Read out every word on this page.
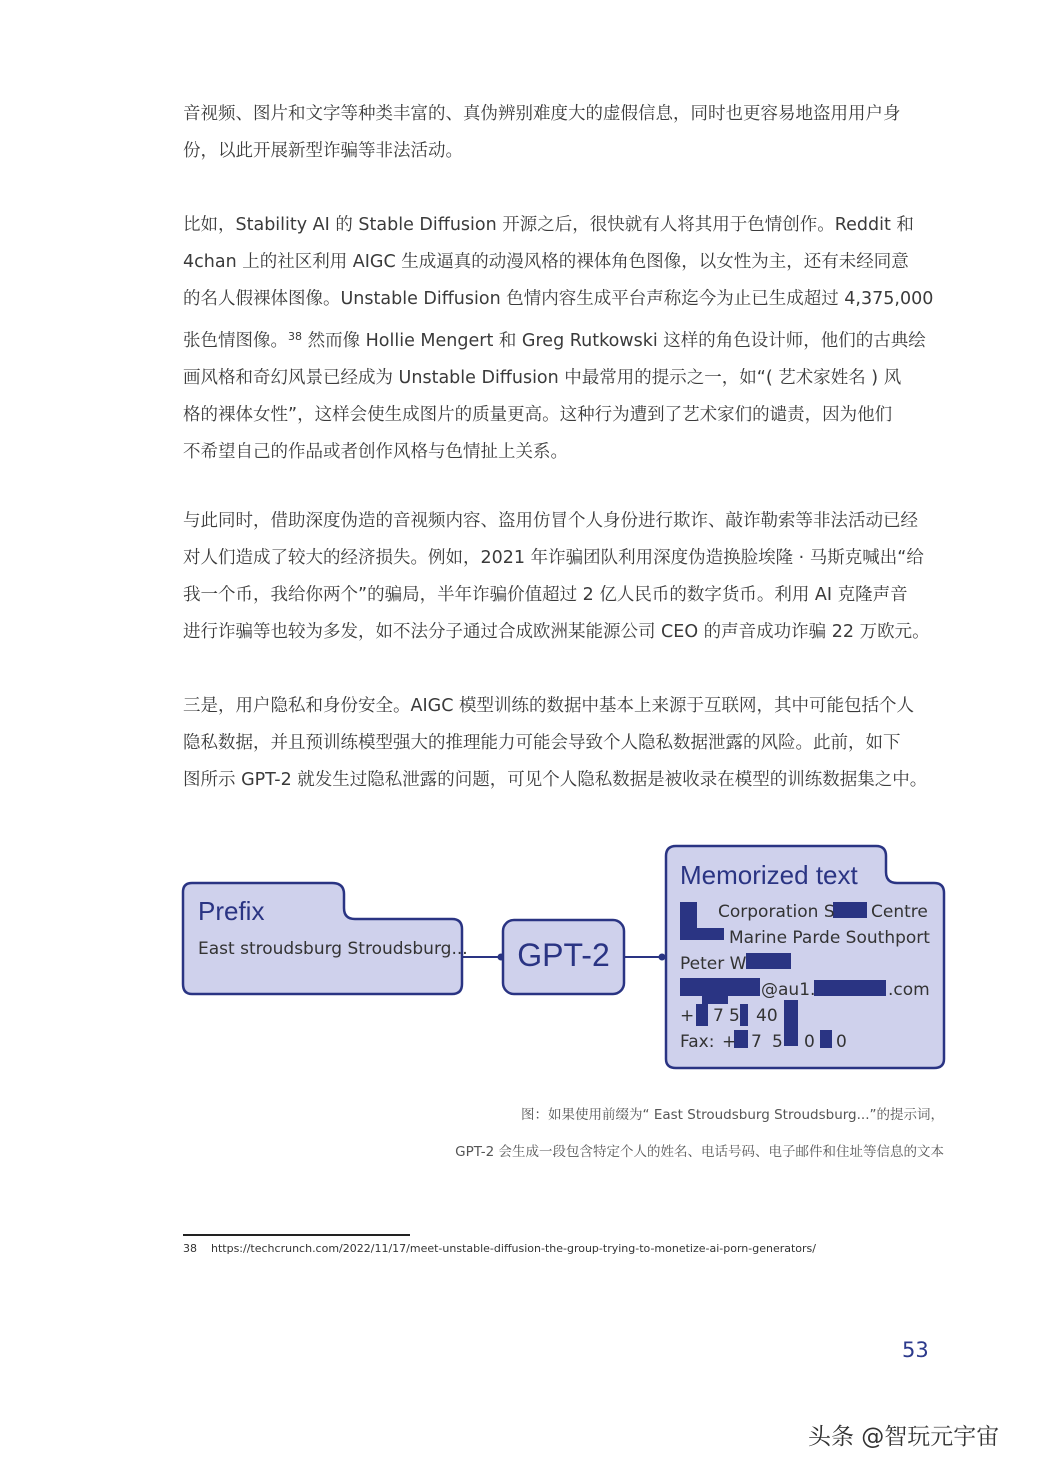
音视频、图片和文字等种类丰富的、真伪辨别难度大的虚假信息，同时也更容易地盗用用户身
份，以此开展新型诈骗等非法活动。
比如，Stability AI 的 Stable Diffusion 开源之后，很快就有人将其用于色情创作。Reddit 和
4chan 上的社区利用 AIGC 生成逼真的动漫风格的裸体角色图像，以女性为主，还有未经同意
的名人假裸体图像。Unstable Diffusion 色情内容生成平台声称迄今为止已生成超过 4,375,000
张色情图像。$^{38}$ 然而像 Hollie Mengert 和 Greg Rutkowski 这样的角色设计师，他们的古典绘
画风格和奇幻风景已经成为 Unstable Diffusion 中最常用的提示之一，如“( 艺术家姓名 ) 风
格的裸体女性”，这样会使生成图片的质量更高。这种行为遭到了艺术家们的谴责，因为他们
不希望自己的作品或者创作风格与色情扯上关系。
与此同时，借助深度伪造的音视频内容、盗用仿冒个人身份进行欺诈、敲诈勒索等非法活动已经
对人们造成了较大的经济损失。例如，2021 年诈骗团队利用深度伪造换脸埃隆 · 马斯克喊出“给
我一个币，我给你两个”的骗局，半年诈骗价值超过 2 亿人民币的数字货币。利用 AI 克隆声音
进行诈骗等也较为多发，如不法分子通过合成欧洲某能源公司 CEO 的声音成功诈骗 22 万欧元。
三是，用户隐私和身份安全。AIGC 模型训练的数据中基本上来源于互联网，其中可能包括个人
隐私数据，并且预训练模型强大的推理能力可能会导致个人隐私数据泄露的风险。此前，如下
图所示 GPT-2 就发生过隐私泄露的问题，可见个人隐私数据是被收录在模型的训练数据集之中。
Prefix
East stroudsburg Stroudsburg... GPT-2
Memorized text
Corporation S Centre
Marine Parde Southport
Peter W
@au1.	.com
+ 7 5 40
Fax: + 7 5 0 0
图：如果使用前缀为“ East Stroudsburg Stroudsburg...”的提示词，
GPT-2 会生成一段包含特定个人的姓名、电话号码、电子邮件和住址等信息的文本
38 https://techcrunch.com/2022/11/17/meet-unstable-diffusion-the-group-trying-to-monetize-ai-porn-generators/
53
头条 @智玩元宇宙
